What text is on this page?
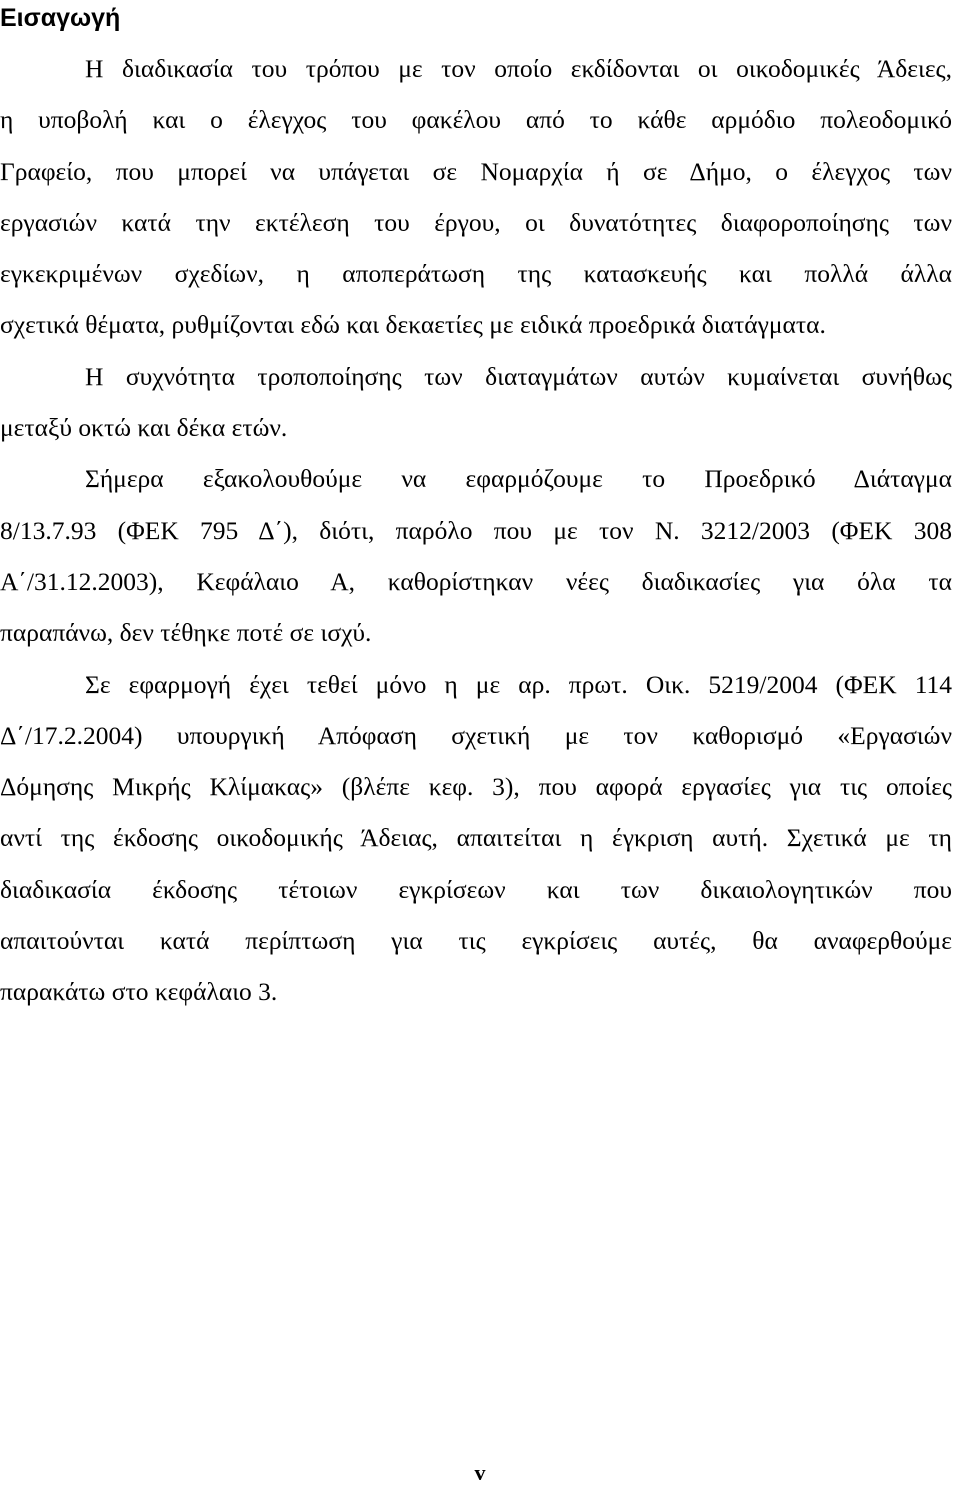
Εισαγωγή
Η διαδικασία του τρόπου με τον οποίο εκδίδονται οι οικοδομικές Άδειες,
η υποβολή και ο έλεγχος του φακέλου από το κάθε αρμόδιο πολεοδομικό
Γραφείο, που μπορεί να υπάγεται σε Νομαρχία ή σε Δήμο, ο έλεγχος των
εργασιών κατά την εκτέλεση του έργου, οι δυνατότητες διαφοροποίησης των
εγκεκριμένων σχεδίων, η αποπεράτωση της κατασκευής και πολλά άλλα
σχετικά θέματα, ρυθμίζονται εδώ και δεκαετίες με ειδικά προεδρικά διατάγματα.
Η συχνότητα τροποποίησης των διαταγμάτων αυτών κυμαίνεται συνήθως
μεταξύ οκτώ και δέκα ετών.
Σήμερα εξακολουθούμε να εφαρμόζουμε το Προεδρικό Διάταγμα
8/13.7.93 (ΦΕΚ 795 Δ΄), διότι, παρόλο που με τον Ν. 3212/2003 (ΦΕΚ 308
Α΄/31.12.2003), Κεφάλαιο Α, καθορίστηκαν νέες διαδικασίες για όλα τα
παραπάνω, δεν τέθηκε ποτέ σε ισχύ.
Σε εφαρμογή έχει τεθεί μόνο η με αρ. πρωτ. Οικ. 5219/2004 (ΦΕΚ 114
Δ΄/17.2.2004) υπουργική Απόφαση σχετική με τον καθορισμό «Εργασιών
Δόμησης Μικρής Κλίμακας» (βλέπε κεφ. 3), που αφορά εργασίες για τις οποίες
αντί της έκδοσης οικοδομικής Άδειας, απαιτείται η έγκριση αυτή. Σχετικά με τη
διαδικασία έκδοσης τέτοιων εγκρίσεων και των δικαιολογητικών που
απαιτούνται κατά περίπτωση για τις εγκρίσεις αυτές, θα αναφερθούμε
παρακάτω στο κεφάλαιο 3.
v
